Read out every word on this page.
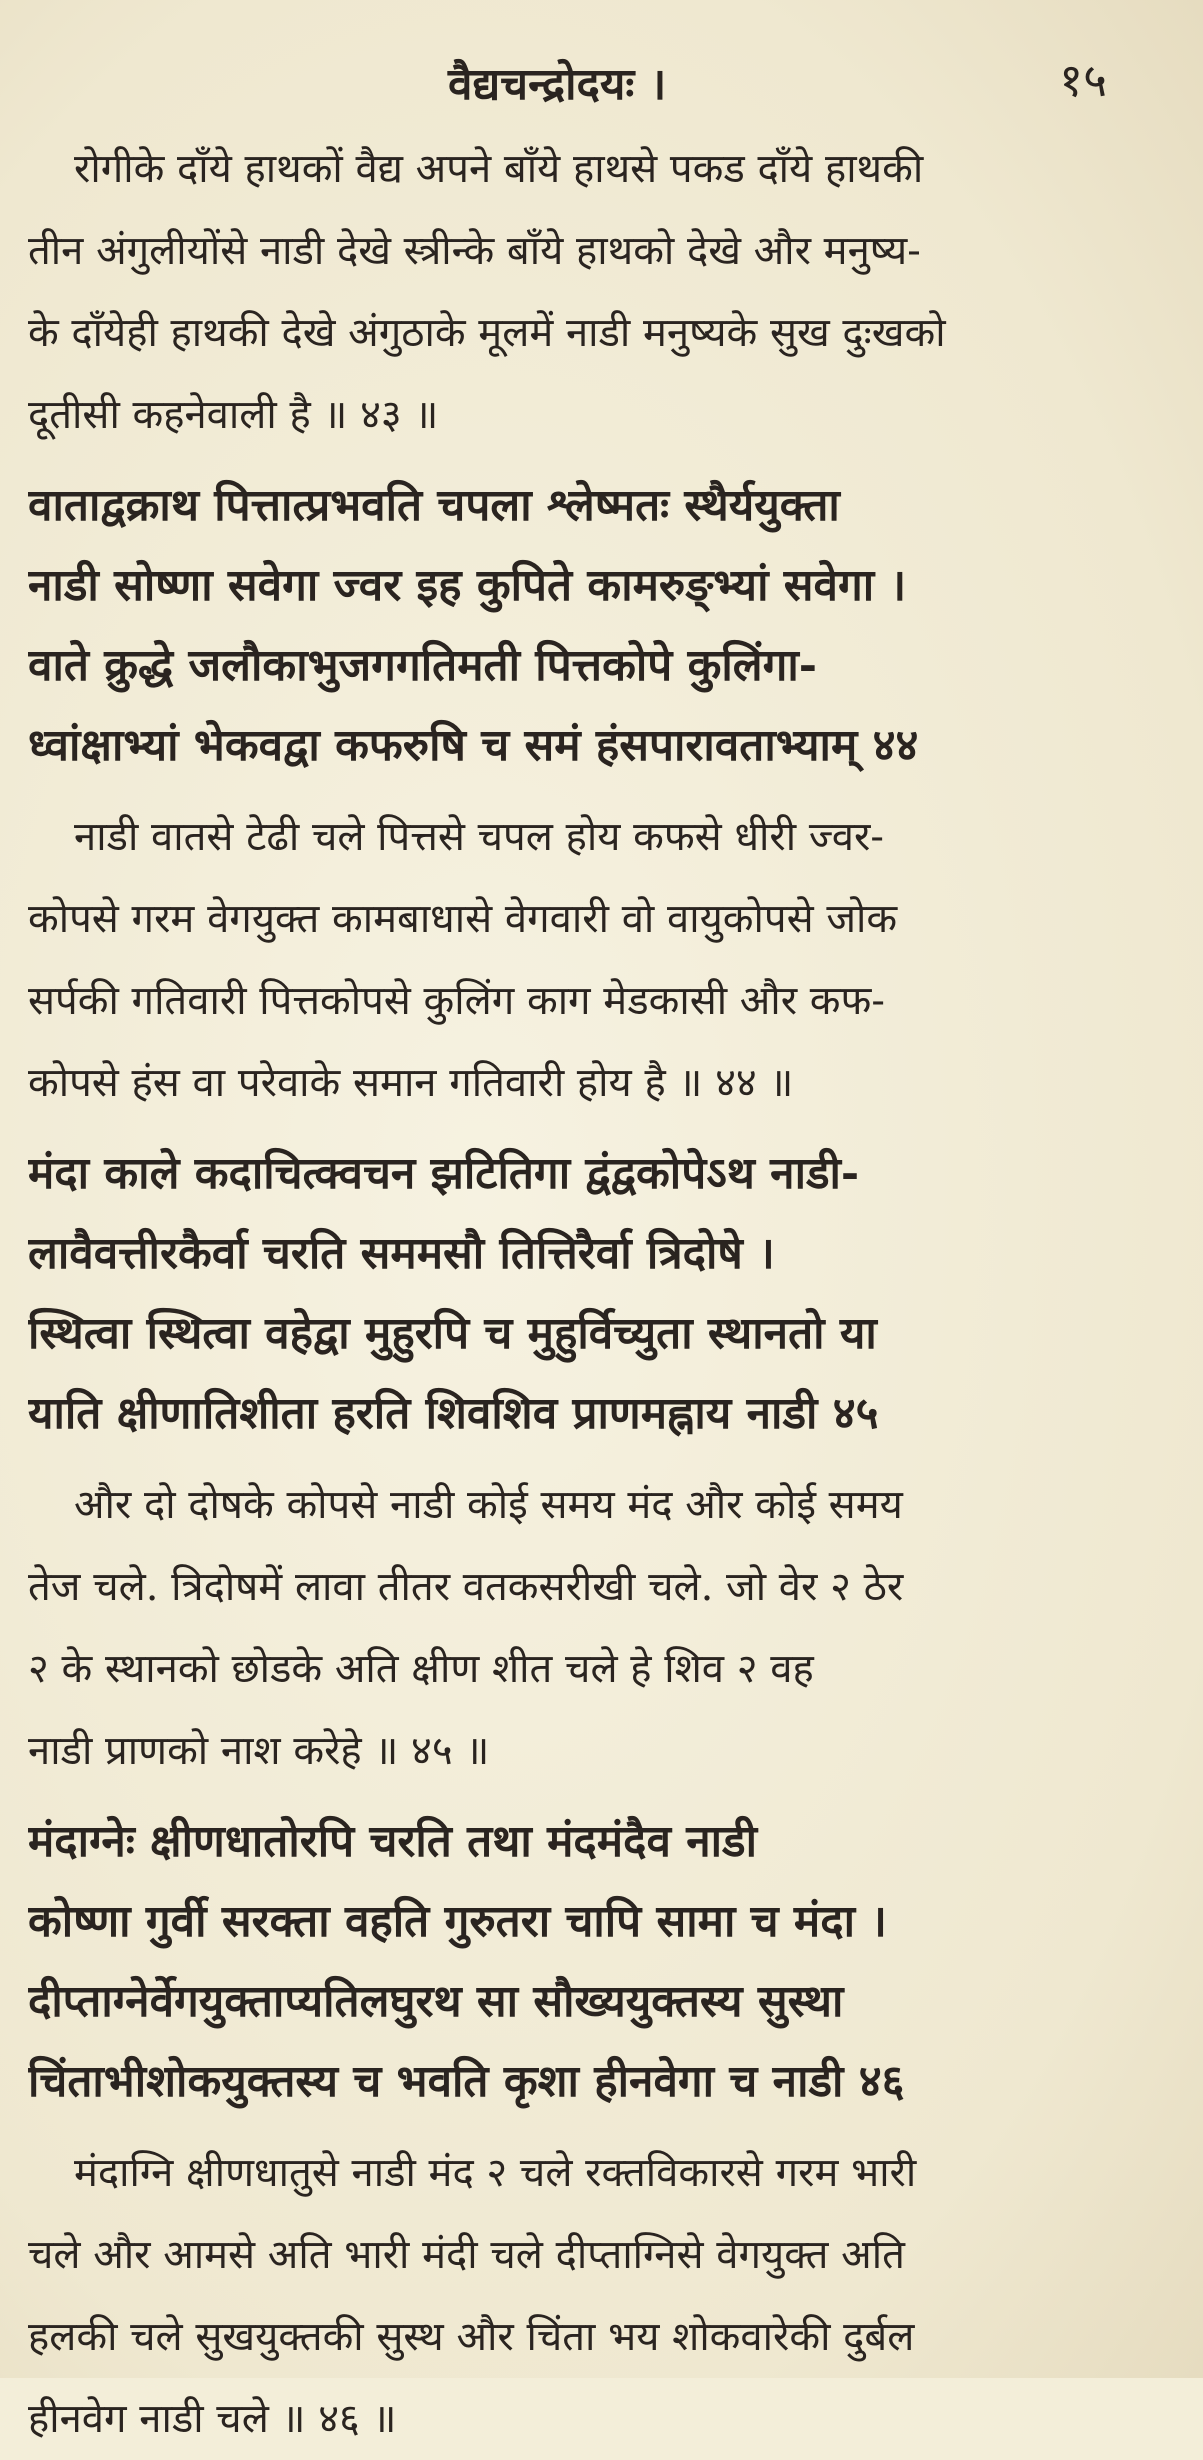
वैद्यचन्द्रोदयः ।	१५
रोगीके दाँये हाथकों वैद्य अपने बाँये हाथसे पकड दाँये हाथकी
तीन अंगुलीयोंसे नाडी देखे स्त्रीन्के बाँये हाथको देखे और मनुष्य-
के दाँयेही हाथकी देखे अंगुठाके मूलमें नाडी मनुष्यके सुख दुःखको
दूतीसी कहनेवाली है ॥ ४३ ॥
वाताद्वक्राथ पित्तात्प्रभवति चपला श्लेष्मतः स्थैर्ययुक्ता
नाडी सोष्णा सवेगा ज्वर इह कुपिते कामरुङ्भ्यां सवेगा ।
वाते क्रुद्धे जलौकाभुजगगतिमती पित्तकोपे कुलिंगा-
ध्वांक्षाभ्यां भेकवद्वा कफरुषि च समं हंसपारावताभ्याम् ४४
नाडी वातसे टेढी चले पित्तसे चपल होय कफसे धीरी ज्वर-
कोपसे गरम वेगयुक्त कामबाधासे वेगवारी वो वायुकोपसे जोक
सर्पकी गतिवारी पित्तकोपसे कुलिंग काग मेडकासी और कफ-
कोपसे हंस वा परेवाके समान गतिवारी होय है ॥ ४४ ॥
मंदा काले कदाचित्क्वचन झटितिगा द्वंद्वकोपेऽथ नाडी-
लावैवत्तीरकैर्वा चरति सममसौ तित्तिरैर्वा त्रिदोषे ।
स्थित्वा स्थित्वा वहेद्वा मुहुरपि च मुहुर्विच्युता स्थानतो या
याति क्षीणातिशीता हरति शिवशिव प्राणमह्नाय नाडी ४५
और दो दोषके कोपसे नाडी कोई समय मंद और कोई समय
तेज चले. त्रिदोषमें लावा तीतर वतकसरीखी चले. जो वेर २ ठेर
२ के स्थानको छोडके अति क्षीण शीत चले हे शिव २ वह
नाडी प्राणको नाश करेहे ॥ ४५ ॥
मंदाग्नेः क्षीणधातोरपि चरति तथा मंदमंदैव नाडी
कोष्णा गुर्वी सरक्ता वहति गुरुतरा चापि सामा च मंदा ।
दीप्ताग्नेर्वेगयुक्ताप्यतिलघुरथ सा सौख्ययुक्तस्य सुस्था
चिंताभीशोकयुक्तस्य च भवति कृशा हीनवेगा च नाडी ४६
मंदाग्नि क्षीणधातुसे नाडी मंद २ चले रक्तविकारसे गरम भारी
चले और आमसे अति भारी मंदी चले दीप्ताग्निसे वेगयुक्त अति
हलकी चले सुखयुक्तकी सुस्थ और चिंता भय शोकवारेकी दुर्बल
हीनवेग नाडी चले ॥ ४६ ॥
